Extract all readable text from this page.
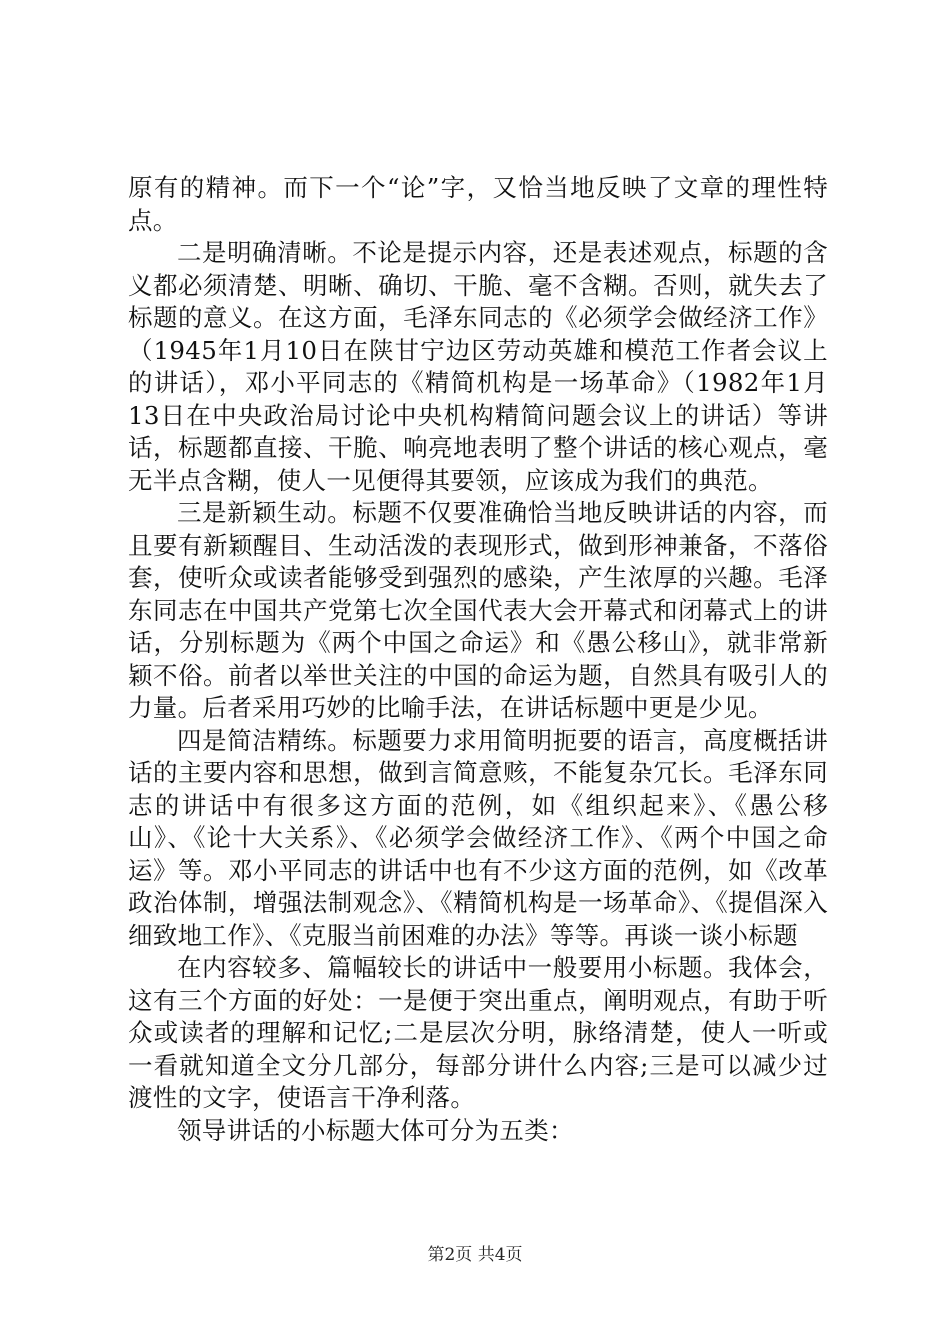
原有的精神。而下一个“论”字，又恰当地反映了文章的理性特点。

二是明确清晰。不论是提示内容，还是表述观点，标题的含义都必须清楚、明晰、确切、干脆、毫不含糊。否则，就失去了标题的意义。在这方面，毛泽东同志的《必须学会做经济工作》（1945年1月10日在陕甘宁边区劳动英雄和模范工作者会议上的讲话），邓小平同志的《精简机构是一场革命》（1982年1月13日在中央政治局讨论中央机构精简问题会议上的讲话）等讲话，标题都直接、干脆、响亮地表明了整个讲话的核心观点，毫无半点含糊，使人一见便得其要领，应该成为我们的典范。

三是新颖生动。标题不仅要准确恰当地反映讲话的内容，而且要有新颖醒目、生动活泼的表现形式，做到形神兼备，不落俗套，使听众或读者能够受到强烈的感染，产生浓厚的兴趣。毛泽东同志在中国共产党第七次全国代表大会开幕式和闭幕式上的讲话，分别标题为《两个中国之命运》和《愚公移山》，就非常新颖不俗。前者以举世关注的中国的命运为题，自然具有吸引人的力量。后者采用巧妙的比喻手法，在讲话标题中更是少见。

四是简洁精练。标题要力求用简明扼要的语言，高度概括讲话的主要内容和思想，做到言简意赅，不能复杂冗长。毛泽东同志的讲话中有很多这方面的范例，如《组织起来》、《愚公移山》、《论十大关系》、《必须学会做经济工作》、《两个中国之命运》等。邓小平同志的讲话中也有不少这方面的范例，如《改革政治体制，增强法制观念》、《精简机构是一场革命》、《提倡深入细致地工作》、《克服当前困难的办法》等等。再谈一谈小标题

在内容较多、篇幅较长的讲话中一般要用小标题。我体会，这有三个方面的好处：一是便于突出重点，阐明观点，有助于听众或读者的理解和记忆;二是层次分明，脉络清楚，使人一听或一看就知道全文分几部分，每部分讲什么内容;三是可以减少过渡性的文字，使语言干净利落。

领导讲话的小标题大体可分为五类：

第2页 共4页
